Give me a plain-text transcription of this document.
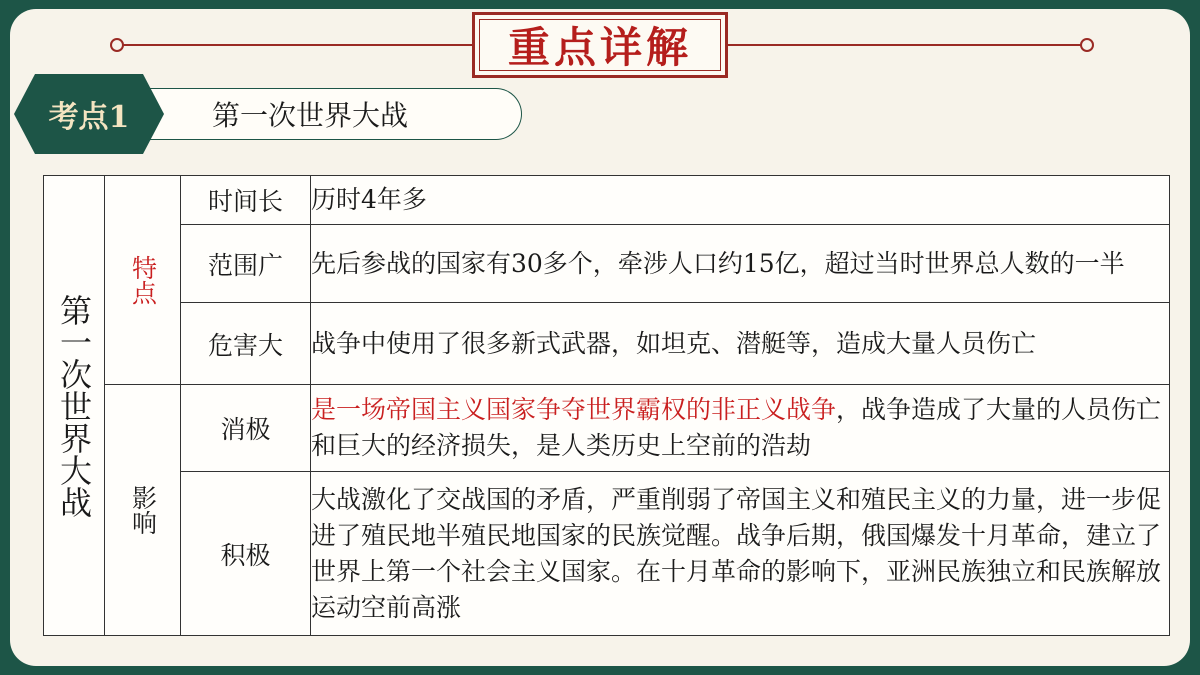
重点详解
考点1	第一次世界大战
第一次世界大战	特点	时间长	历时4年多
		范围广	先后参战的国家有30多个，牵涉人口约15亿，超过当时世界总人数的一半
		危害大	战争中使用了很多新式武器，如坦克、潜艇等，造成大量人员伤亡
	影响	消极	是一场帝国主义国家争夺世界霸权的非正义战争，战争造成了大量的人员伤亡和巨大的经济损失，是人类历史上空前的浩劫
		积极	大战激化了交战国的矛盾，严重削弱了帝国主义和殖民主义的力量，进一步促进了殖民地半殖民地国家的民族觉醒。战争后期，俄国爆发十月革命，建立了世界上第一个社会主义国家。在十月革命的影响下，亚洲民族独立和民族解放运动空前高涨
